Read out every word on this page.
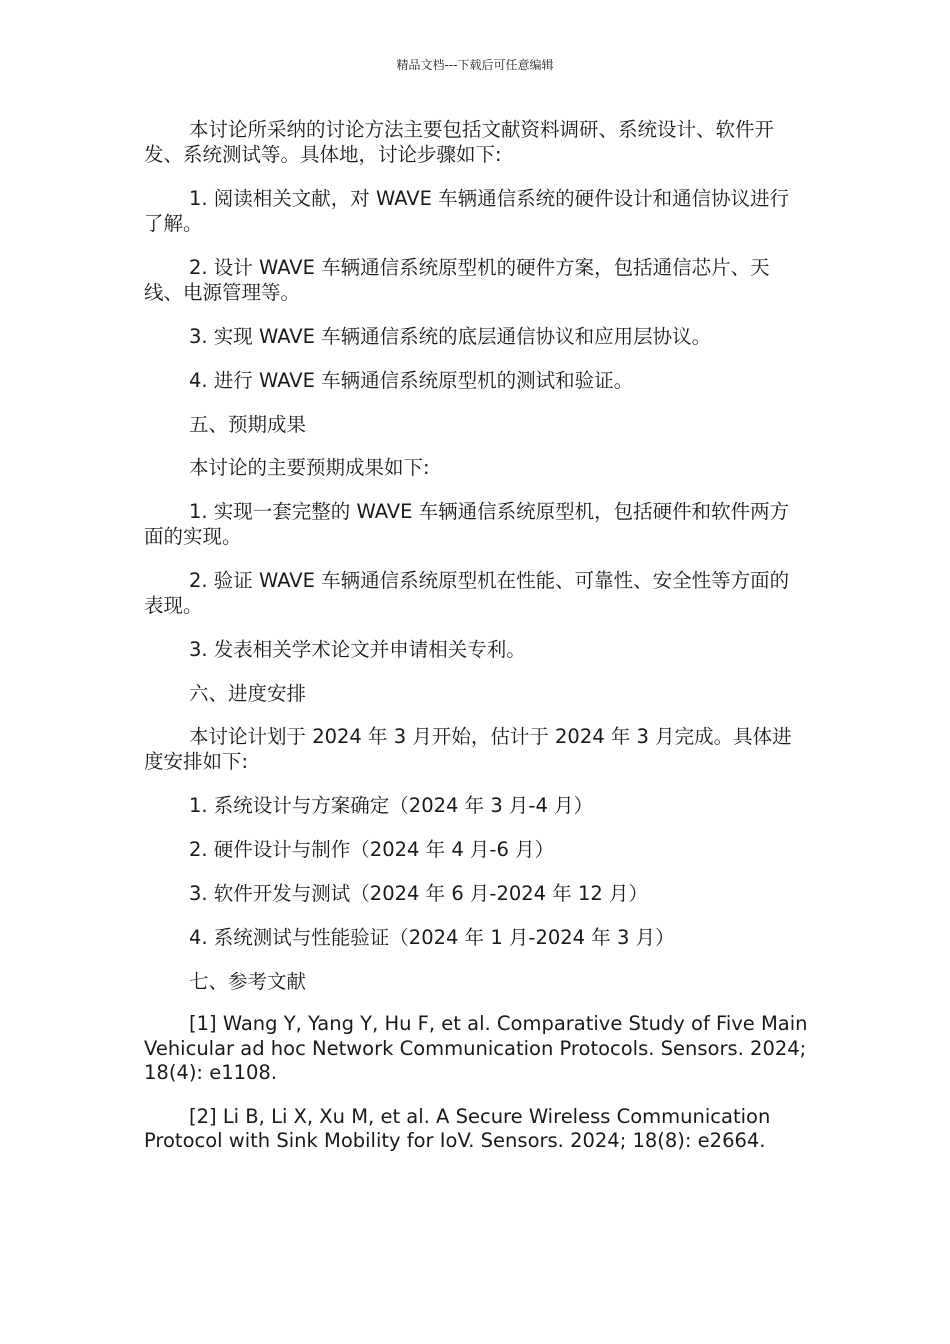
精品文档---下载后可任意编辑

本讨论所采纳的讨论方法主要包括文献资料调研、系统设计、软件开发、系统测试等。具体地，讨论步骤如下:

1. 阅读相关文献，对 WAVE 车辆通信系统的硬件设计和通信协议进行了解。

2. 设计 WAVE 车辆通信系统原型机的硬件方案，包括通信芯片、天线、电源管理等。

3. 实现 WAVE 车辆通信系统的底层通信协议和应用层协议。

4. 进行 WAVE 车辆通信系统原型机的测试和验证。

五、预期成果

本讨论的主要预期成果如下:

1. 实现一套完整的 WAVE 车辆通信系统原型机，包括硬件和软件两方面的实现。

2. 验证 WAVE 车辆通信系统原型机在性能、可靠性、安全性等方面的表现。

3. 发表相关学术论文并申请相关专利。

六、进度安排

本讨论计划于 2024 年 3 月开始，估计于 2024 年 3 月完成。具体进度安排如下:

1. 系统设计与方案确定（2024 年 3 月-4 月）

2. 硬件设计与制作（2024 年 4 月-6 月）

3. 软件开发与测试（2024 年 6 月-2024 年 12 月）

4. 系统测试与性能验证（2024 年 1 月-2024 年 3 月）

七、参考文献

[1] Wang Y, Yang Y, Hu F, et al. Comparative Study of Five Main Vehicular ad hoc Network Communication Protocols. Sensors. 2024; 18(4): e1108.

[2] Li B, Li X, Xu M, et al. A Secure Wireless Communication Protocol with Sink Mobility for IoV. Sensors. 2024; 18(8): e2664.
